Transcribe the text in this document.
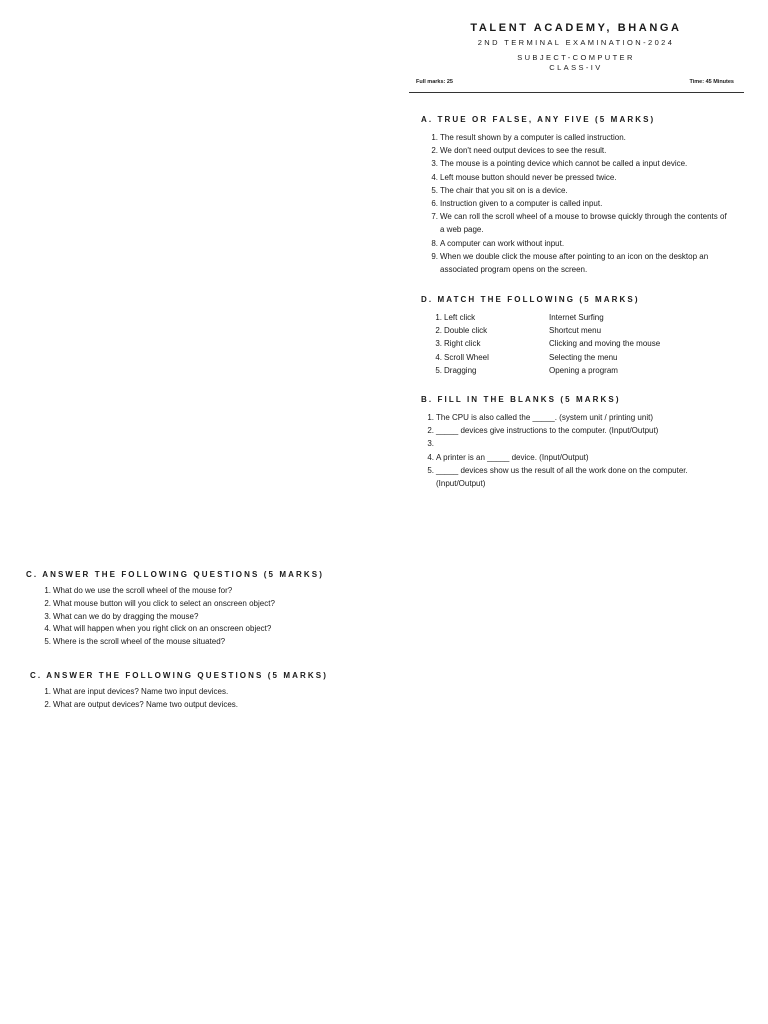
TALENT ACADEMY, BHANGA

2ND TERMINAL EXAMINATION-2024

SUBJECT-COMPUTER

CLASS-IV

Full marks: 25	Time: 45 Minutes

A. TRUE OR FALSE, ANY FIVE (5 MARKS)

1. The result shown by a computer is called instruction.
2. We don't need output devices to see the result.
3. The mouse is a pointing device which cannot be called a input device.
4. Left mouse button should never be pressed twice.
5. The chair that you sit on is a device.
6. Instruction given to a computer is called input.
7. We can roll the scroll wheel of a mouse to browse quickly through the contents of a web page.
8. A computer can work without input.
9. When we double click the mouse after pointing to an icon on the desktop an associated program opens on the screen.

D. MATCH THE FOLLOWING (5 MARKS)

1. Left click	Internet Surfing
2. Double click	Shortcut menu
3. Right click	Clicking and moving the mouse
4. Scroll Wheel	Selecting the menu
5. Dragging	Opening a program

B. FILL IN THE BLANKS (5 MARKS)

1. The CPU is also called the _____. (system unit / printing unit)
2. _____ devices give instructions to the computer. (Input/Output)
3.
4. A printer is an _____ device. (Input/Output)
5. _____ devices show us the result of all the work done on the computer. (Input/Output)

C. ANSWER THE FOLLOWING QUESTIONS (5 MARKS)

1. What do we use the scroll wheel of the mouse for?
2. What mouse button will you click to select an onscreen object?
3. What can we do by dragging the mouse?
4. What will happen when you right click on an onscreen object?
5. Where is the scroll wheel of the mouse situated?

C. ANSWER THE FOLLOWING QUESTIONS (5 MARKS)

1. What are input devices? Name two input devices.
2. What are output devices? Name two output devices.
